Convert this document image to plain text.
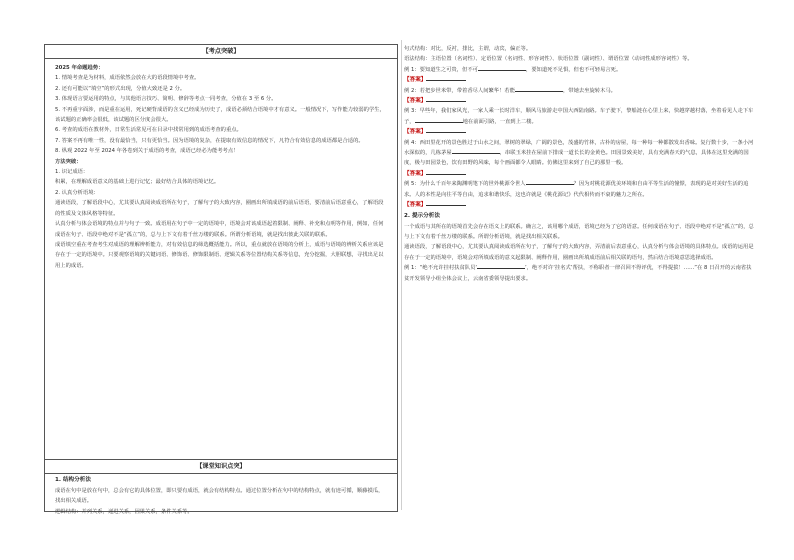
【考点突破】
2025 年命题趋势：
1. 情境考查是为材料，成语依然会放在大的语段情境中考查。
2. 还有可能以“填空”的形式出现，分值大致还是 2 分。
3. 体现语言要运用的特点，与其他语言技巧、简明、修辞等考点一同考查，分值在 3 至 6 分。
5. 不再重字面涉，而是重在运用，死记硬背成语的含义已经成为历史了，成语必须结合语境中才有意义。一般情况下，写作能力较弱的学生，该试题的正确率会很低，该试题的区分度会很大。
6. 考查的成语在教材外，日常生活常见可在目录中找常用到的成语考查的重点。
7. 答案不再有唯一性，没有最恰当，只有更恰当。因为语境的复杂，在提取有效信息的情况下，凡符合有效信息的成语都是合适的。
8. 纵观 2022 年至 2024 年各卷到关于成语的考查，成语已经必为能考考点！
方法突破：
1. 识记成语：
积累，在理解成语意义的基础上进行记忆；最好结合具体的语境记忆。
2. 认真分析语境：
通读语段，了解语段中心，尤其要认真阅读成语所在句子，了解句子的大致内容，圈画出所填成语的前后语语，要清前后语意重心，了解语段的性质及文体风格等特征。
认真分析与体会语境的特点并与句子一致。成语用在句子中一定的语境中，语境会对该成语起着限制、阐释、补充和点明等作用，例如，任何成语在句子、语段中绝对不是“孤立”的，总与上下文有着千丝万缕的联系。所谓分析语境，就是找出彼此关联的联系。
成语填空重在考查考生对成语的理解辨析能力，对有效信息的筛选概括能力。所以，重点就放在语境的分析上，成语与语境的辨析关系应该是存在于一定的语境中。只要观察语境的关键词语、修饰语、修饰限制语、逻辑关系等位置结构关系等信息，充分挖掘，大胆联想，寻找出足以用上的成语。
【课堂知识点突】
1. 结构分析法
成语在句中是放在句中，总会有它的具体位置，即只要有成语，就会有结构特点。通过位置分析在句中的结构特点，就有迹可循，顺藤摸瓜，找出相关成语。
逻辑结构：并列关系，递进关系，因果关系，条件关系等。
句式结构：对比，反衬，排比，主谓，动宾，偏正等。
语法结构：主语位置（名词性）、定语位置（名词性、形容词性）、状语位置（副词性）、谓语位置（动词性成形容词性）等。
例 1：要知道生之可贵，但不可	，要知道死不足惧，但也不可轻易言死。
【答案】
例 2：若把步世米带，带着香尽人间繁华！若能	，带她去坐旋转木马。
【答案】
例 3：早些年，我们家风光，一家人乘一长时洋车，顺风马旅游走中国大西陆南路。车子驶下，黎船涟在心里上来，快越穿越村落，坐着看见人走下车子，	地在前面引路，一直到上二楼。
【答案】
例 4：西田里花开的景色胜过于山水之间，翠树的翠绿，广阔的景色，茂盛的竹林，古朴的房屋，每一种每一种都散发出香味。复行数十步，一条小河水深似的，几栋茅屋	，串联玉米挂在屋前下排成一道长长的金黄色。田园景致美好，具有充满春天的气息，具体在这里充满的国度，极与田园景色，饮有田野的风味，每个画面都令人眼睛。仿佛这里来到了自己的那里一般。
【答案】
例 5：为什么千百年来陶渊明笔下的世外桃源令世人	？因为对桃花源优美环境和自由平等生活的憧憬，表现的是对美好生活的追求。人的本性是向往平等自由，追求和谐快乐，这也许就是《桃花源记》代代相传而不衰的魅力之所在。
【答案】
2. 提示分析法
一个成语与其所在的语境首先会存在语义上的联系。确言之，该用哪个成语，语境已经为了它的语意。任何成语在句子、语段中绝对不是“孤立”的，总与上下文有着千丝万缕的联系。所谓分析语境，就是找出相关联系。
通读语段，了解语段中心，尤其要认真阅读成语所在句子，了解句子的大致内容，弄清前后表意重心，认真分析与体会语境的具体特点。成语的运用是存在于一定的语境中，语境会对所填成语的意义起限制、阐释作用，圈画出所填成语前后相关联的语句，然后结合语境意思选择成语。
例 1：“绝不允许挂村扶贫队员‘	’，绝不对许‘挂名式’帮扶，不称职者一律召回不得评优，不得提拔！……”在 8 日召开的云南省扶贫开发领导小组全体会议上，云南省委领导提出要求。
